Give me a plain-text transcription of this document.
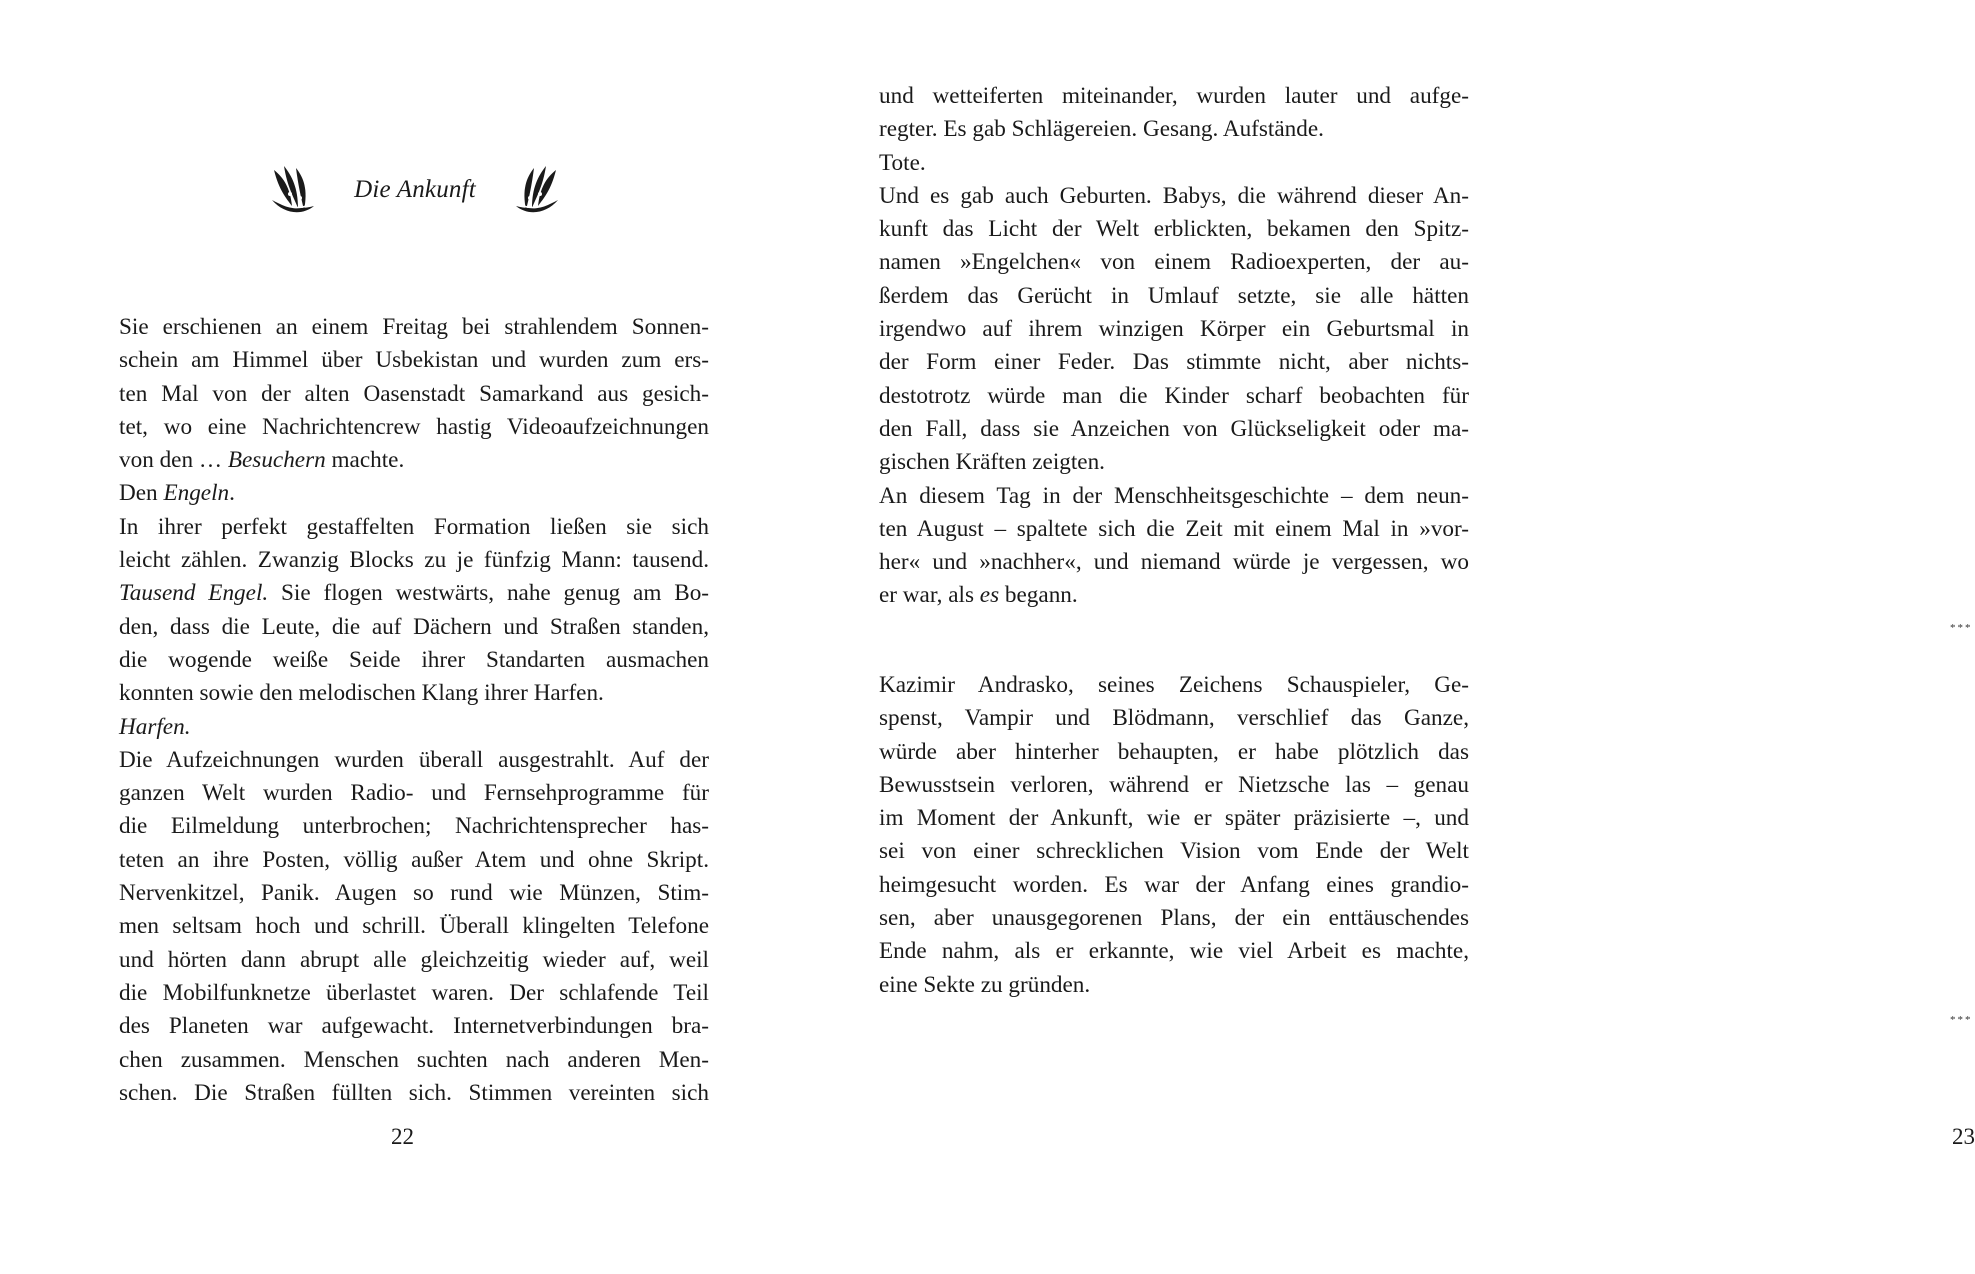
Die Ankunft
Sie erschienen an einem Freitag bei strahlendem Sonnen-
schein am Himmel über Usbekistan und wurden zum ers-
ten Mal von der alten Oasenstadt Samarkand aus gesich-
tet, wo eine Nachrichtencrew hastig Videoaufzeichnungen
von den … Besuchern machte.
Den Engeln.
In ihrer perfekt gestaffelten Formation ließen sie sich
leicht zählen. Zwanzig Blocks zu je fünfzig Mann: tausend.
Tausend Engel. Sie flogen westwärts, nahe genug am Bo-
den, dass die Leute, die auf Dächern und Straßen standen,
die wogende weiße Seide ihrer Standarten ausmachen
konnten sowie den melodischen Klang ihrer Harfen.
Harfen.
Die Aufzeichnungen wurden überall ausgestrahlt. Auf der
ganzen Welt wurden Radio- und Fernsehprogramme für
die Eilmeldung unterbrochen; Nachrichtensprecher has-
teten an ihre Posten, völlig außer Atem und ohne Skript.
Nervenkitzel, Panik. Augen so rund wie Münzen, Stim-
men seltsam hoch und schrill. Überall klingelten Telefone
und hörten dann abrupt alle gleichzeitig wieder auf, weil
die Mobilfunknetze überlastet waren. Der schlafende Teil
des Planeten war aufgewacht. Internetverbindungen bra-
chen zusammen. Menschen suchten nach anderen Men-
schen. Die Straßen füllten sich. Stimmen vereinten sich
22
und wetteiferten miteinander, wurden lauter und aufge-
regter. Es gab Schlägereien. Gesang. Aufstände.
Tote.
Und es gab auch Geburten. Babys, die während dieser An-
kunft das Licht der Welt erblickten, bekamen den Spitz-
namen »Engelchen« von einem Radioexperten, der au-
ßerdem das Gerücht in Umlauf setzte, sie alle hätten
irgendwo auf ihrem winzigen Körper ein Geburtsmal in
der Form einer Feder. Das stimmte nicht, aber nichts-
destotrotz würde man die Kinder scharf beobachten für
den Fall, dass sie Anzeichen von Glückseligkeit oder ma-
gischen Kräften zeigten.
An diesem Tag in der Menschheitsgeschichte – dem neun-
ten August – spaltete sich die Zeit mit einem Mal in »vor-
her« und »nachher«, und niemand würde je vergessen, wo
er war, als es begann.
***
Kazimir Andrasko, seines Zeichens Schauspieler, Ge-
spenst, Vampir und Blödmann, verschlief das Ganze,
würde aber hinterher behaupten, er habe plötzlich das
Bewusstsein verloren, während er Nietzsche las – genau
im Moment der Ankunft, wie er später präzisierte –, und
sei von einer schrecklichen Vision vom Ende der Welt
heimgesucht worden. Es war der Anfang eines grandio-
sen, aber unausgegorenen Plans, der ein enttäuschendes
Ende nahm, als er erkannte, wie viel Arbeit es machte,
eine Sekte zu gründen.
***
23
